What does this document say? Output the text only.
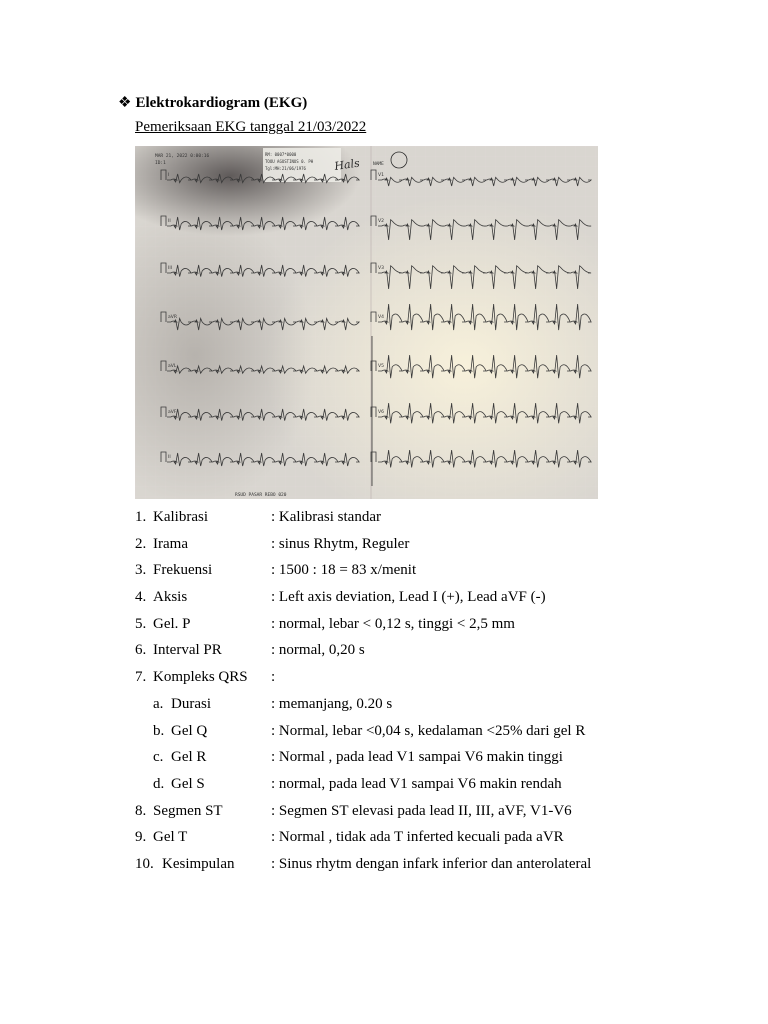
❖ Elektrokardiogram (EKG)
Pemeriksaan EKG tanggal 21/03/2022
MAR 21, 2022 0:00:16
ID:1
RM: 0007*0000
TOOU AGUSTINUS 0. PH
Tgl:MH:21/06/1976
NAME
Hals
RSUD PASAR REBO 020
I	V1
II	V2
III	V3
aVR	V4
aVL	V5
aVF	V6
II
1. Kalibrasi	: Kalibrasi standar
2. Irama	: sinus Rhytm, Reguler
3. Frekuensi	: 1500 : 18 = 83 x/menit
4. Aksis	: Left axis deviation, Lead I (+), Lead aVF (-)
5. Gel. P	: normal, lebar < 0,12 s, tinggi < 2,5 mm
6. Interval PR	: normal, 0,20 s
7. Kompleks QRS :
a. Durasi	: memanjang, 0.20 s
b. Gel Q	: Normal, lebar <0,04 s, kedalaman <25% dari gel R
c. Gel R	: Normal , pada lead V1 sampai V6 makin tinggi
d. Gel S	: normal, pada lead V1 sampai V6 makin rendah
8. Segmen ST	: Segmen ST elevasi pada lead II, III, aVF, V1-V6
9. Gel T	: Normal , tidak ada T inferted kecuali pada aVR
10. Kesimpulan : Sinus rhytm dengan infark inferior dan anterolateral
